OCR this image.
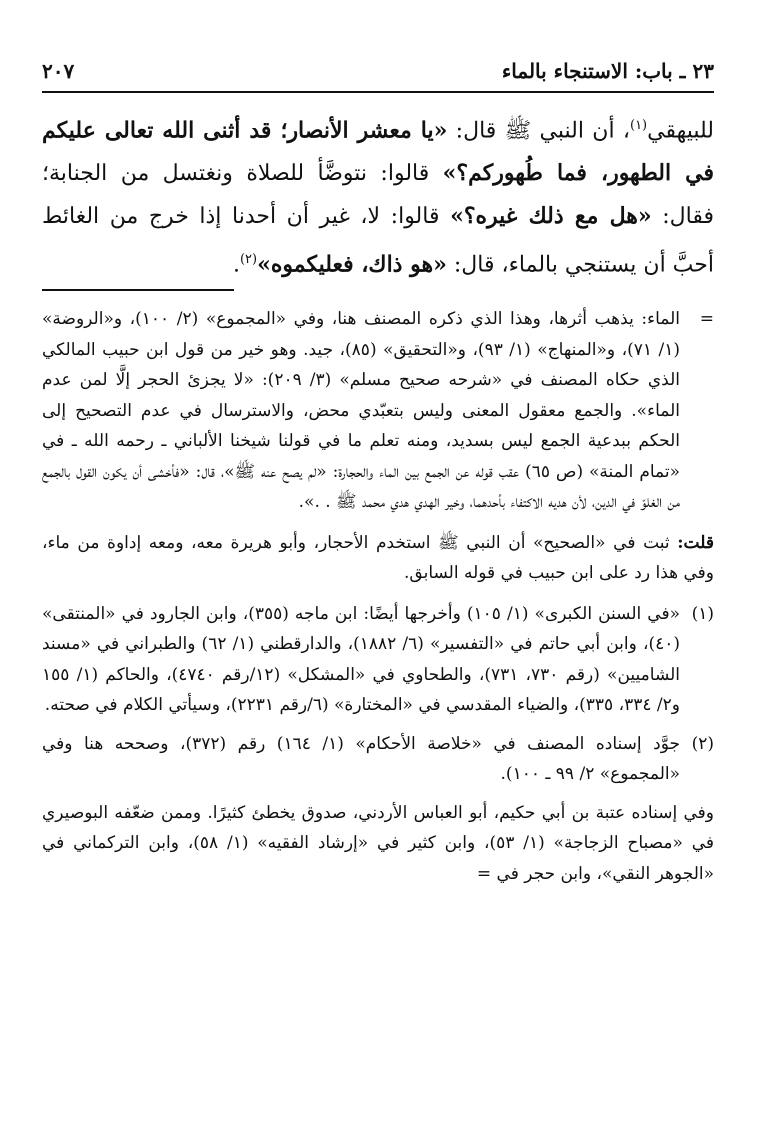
٢٣ ـ باب: الاستنجاء بالماء
٢٠٧

للبيهقي$^{(١)}$، أن النبي ﷺ قال: «يا معشر الأنصار؛ قد أثنى الله تعالى عليكم في الطهور، فما طُهوركم؟» قالوا: نتوضَّأ للصلاة ونغتسل من الجنابة؛ فقال: «هل مع ذلك غيره؟» قالوا: لا، غير أن أحدنا إذا خرج من الغائط أحبَّ أن يستنجي بالماء، قال: «هو ذاك، فعليكموه»$^{(٢)}$.

=
الماء: يذهب أثرها، وهذا الذي ذكره المصنف هنا، وفي «المجموع» (٢/ ١٠٠)، و«الروضة» (١/ ٧١)، و«المنهاج» (١/ ٩٣)، و«التحقيق» (٨٥)، جيد. وهو خير من قول ابن حبيب المالكي الذي حكاه المصنف في «شرحه صحيح مسلم» (٣/ ٢٠٩): «لا يجزئ الحجر إلَّا لمن عدم الماء». والجمع معقول المعنى وليس بتعبّدي محض، والاسترسال في عدم التصحيح إلى الحكم ببدعية الجمع ليس بسديد، ومنه تعلم ما في قولنا شيخنا الألباني ـ رحمه الله ـ في «تمام المنة» (ص ٦٥) عقب قوله عن الجمع بين الماء والحجارة: «لم يصح عنه ﷺ»، قال: «فأخشى أن يكون القول بالجمع من الغلوّ في الدين، لأن هديه الاكتفاء بأحدهما، وخير الهدي هدي محمد ﷺ . .».

قلت: ثبت في «الصحيح» أن النبي ﷺ استخدم الأحجار، وأبو هريرة معه، ومعه إداوة من ماء، وفي هذا رد على ابن حبيب في قوله السابق.

(١)
«في السنن الكبرى» (١/ ١٠٥) وأخرجها أيضًا: ابن ماجه (٣٥٥)، وابن الجارود في «المنتقى» (٤٠)، وابن أبي حاتم في «التفسير» (٦/ ١٨٨٢)، والدارقطني (١/ ٦٢) والطبراني في «مسند الشاميين» (رقم ٧٣٠، ٧٣١)، والطحاوي في «المشكل» (١٢/رقم ٤٧٤٠)، والحاكم (١/ ١٥٥ و٢/ ٣٣٤، ٣٣٥)، والضياء المقدسي في «المختارة» (٦/رقم ٢٢٣١)، وسيأتي الكلام في صحته.

(٢)
جوَّد إسناده المصنف في «خلاصة الأحكام» (١/ ١٦٤) رقم (٣٧٢)، وصححه هنا وفي «المجموع» ٢/ ٩٩ ـ ١٠٠).

وفي إسناده عتبة بن أبي حكيم، أبو العباس الأردني، صدوق يخطئ كثيرًا. وممن ضعّفه البوصيري في «مصباح الزجاجة» (١/ ٥٣)، وابن كثير في «إرشاد الفقيه» (١/ ٥٨)، وابن التركماني في «الجوهر النقي»، وابن حجر في =
